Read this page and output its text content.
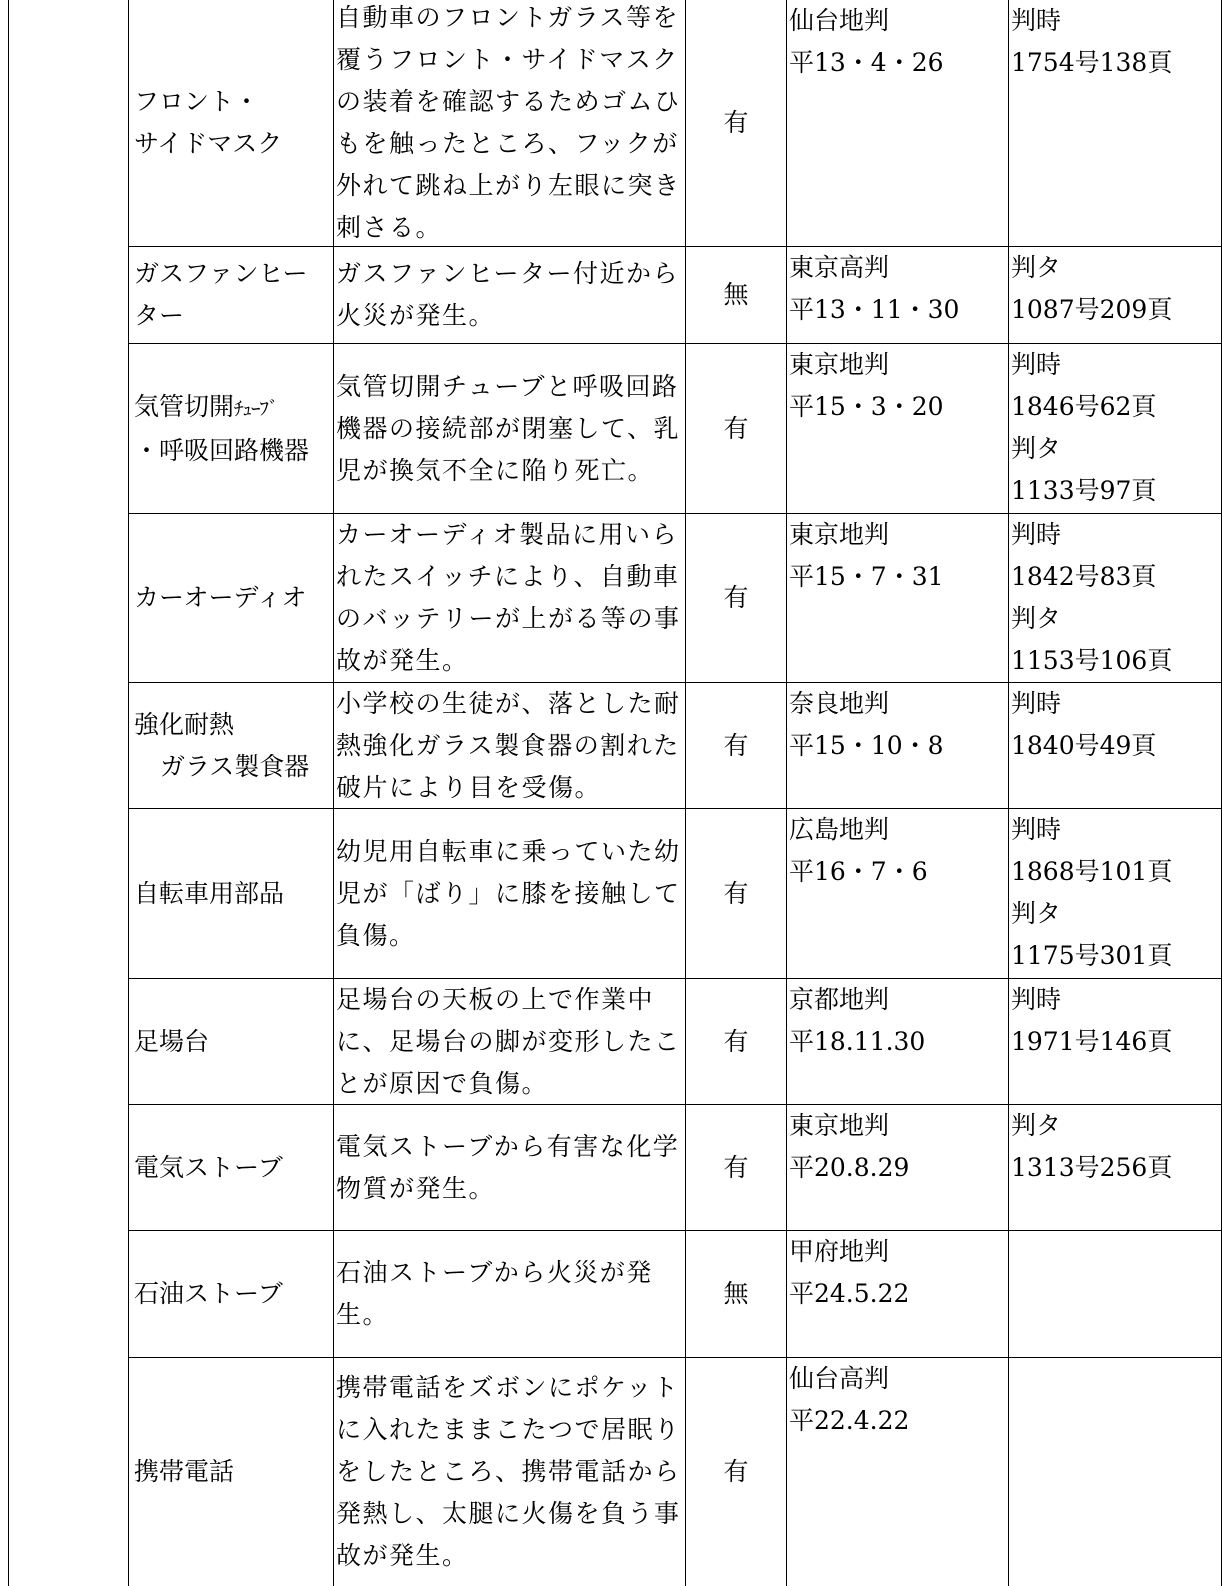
フロント・
サイドマスク
自動車のフロントガラス等を
覆うフロント・サイドマスク
の装着を確認するためゴムひ
もを触ったところ、フックが
外れて跳ね上がり左眼に突き
刺さる。
有
仙台地判
平13・4・26
判時
1754号138頁
ガスファンヒー
ター
ガスファンヒーター付近から
火災が発生。
無
東京高判
平13・11・30
判タ
1087号209頁
気管切開ﾁｭｰﾌﾞ
・呼吸回路機器
気管切開チューブと呼吸回路
機器の接続部が閉塞して、乳
児が換気不全に陥り死亡。
有
東京地判
平15・3・20
判時
1846号62頁
判タ
1133号97頁
カーオーディオ
カーオーディオ製品に用いら
れたスイッチにより、自動車
のバッテリーが上がる等の事
故が発生。
有
東京地判
平15・7・31
判時
1842号83頁
判タ
1153号106頁
強化耐熱
ガラス製食器
小学校の生徒が、落とした耐
熱強化ガラス製食器の割れた
破片により目を受傷。
有
奈良地判
平15・10・8
判時
1840号49頁
自転車用部品
幼児用自転車に乗っていた幼
児が「ばり」に膝を接触して
負傷。
有
広島地判
平16・7・6
判時
1868号101頁
判タ
1175号301頁
足場台
足場台の天板の上で作業中
に、足場台の脚が変形したこ
とが原因で負傷。
有
京都地判
平18.11.30
判時
1971号146頁
電気ストーブ
電気ストーブから有害な化学
物質が発生。
有
東京地判
平20.8.29
判タ
1313号256頁
石油ストーブ
石油ストーブから火災が発
生。
無
甲府地判
平24.5.22
携帯電話
携帯電話をズボンにポケット
に入れたままこたつで居眠り
をしたところ、携帯電話から
発熱し、太腿に火傷を負う事
故が発生。
有
仙台高判
平22.4.22
